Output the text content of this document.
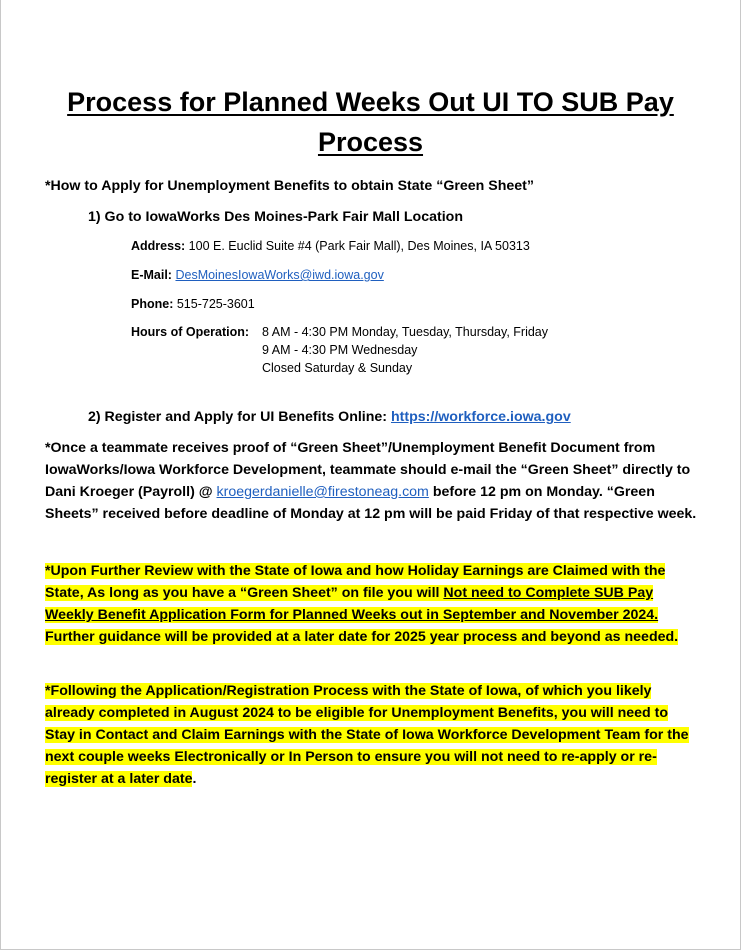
Process for Planned Weeks Out UI TO SUB Pay
Process
*How to Apply for Unemployment Benefits to obtain State “Green Sheet”
1) Go to IowaWorks Des Moines-Park Fair Mall Location
Address: 100 E. Euclid Suite #4 (Park Fair Mall), Des Moines, IA 50313
E-Mail: DesMoinesIowaWorks@iwd.iowa.gov
Phone: 515-725-3601
Hours of Operation: 8 AM - 4:30 PM Monday, Tuesday, Thursday, Friday
9 AM - 4:30 PM Wednesday
Closed Saturday & Sunday
2) Register and Apply for UI Benefits Online: https://workforce.iowa.gov
*Once a teammate receives proof of “Green Sheet”/Unemployment Benefit Document from IowaWorks/Iowa Workforce Development, teammate should e-mail the “Green Sheet” directly to Dani Kroeger (Payroll) @ kroegerdanielle@firestoneag.com before 12 pm on Monday. “Green Sheets” received before deadline of Monday at 12 pm will be paid Friday of that respective week.
*Upon Further Review with the State of Iowa and how Holiday Earnings are Claimed with the State, As long as you have a “Green Sheet” on file you will Not need to Complete SUB Pay Weekly Benefit Application Form for Planned Weeks out in September and November 2024. Further guidance will be provided at a later date for 2025 year process and beyond as needed.
*Following the Application/Registration Process with the State of Iowa, of which you likely already completed in August 2024 to be eligible for Unemployment Benefits, you will need to Stay in Contact and Claim Earnings with the State of Iowa Workforce Development Team for the next couple weeks Electronically or In Person to ensure you will not need to re-apply or re-register at a later date.
